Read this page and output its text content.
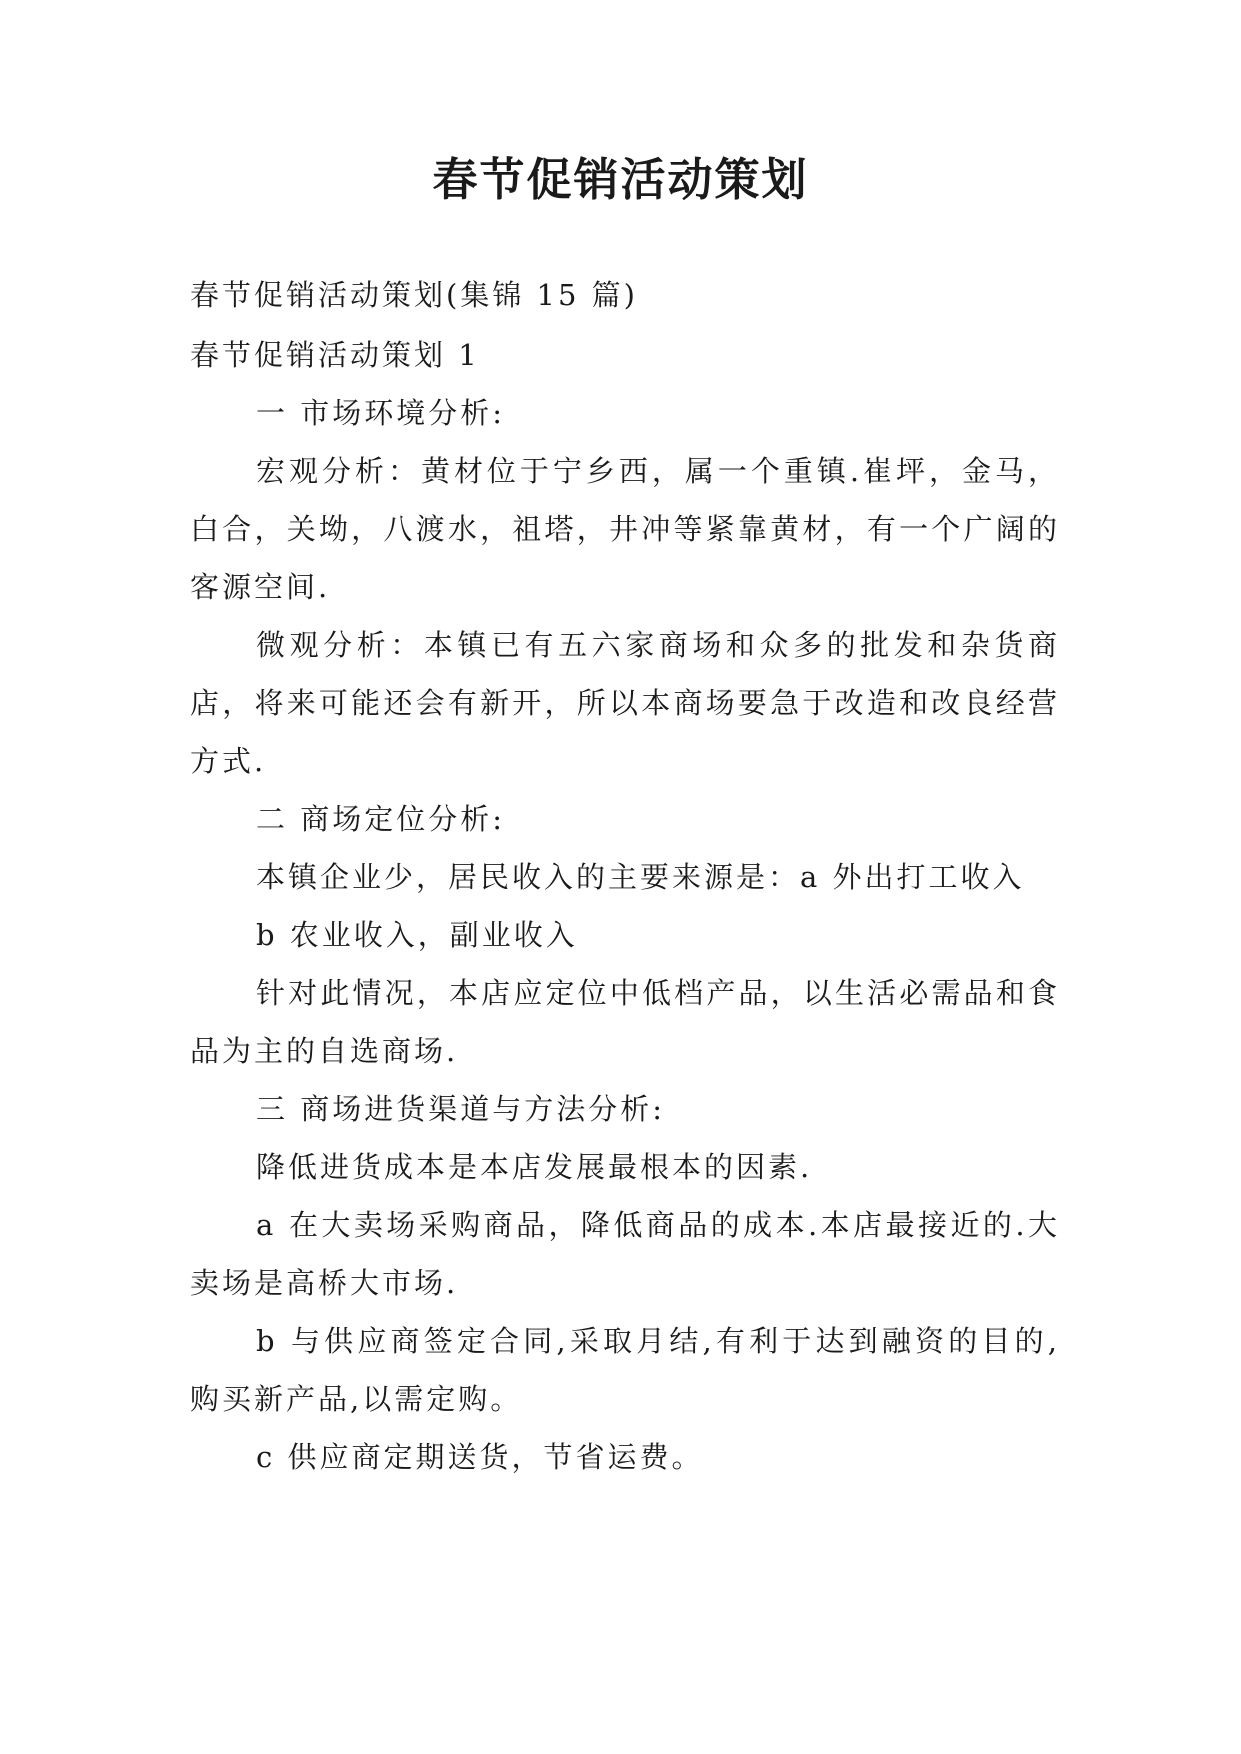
春节促销活动策划

春节促销活动策划(集锦 15 篇)

春节促销活动策划 1

一 市场环境分析:

宏观分析：黄材位于宁乡西，属一个重镇.崔坪，金马，白合，关坳，八渡水，祖塔，井冲等紧靠黄材，有一个广阔的客源空间.

微观分析：本镇已有五六家商场和众多的批发和杂货商店，将来可能还会有新开，所以本商场要急于改造和改良经营方式.

二 商场定位分析:

本镇企业少，居民收入的主要来源是：a 外出打工收入

b 农业收入，副业收入

针对此情况，本店应定位中低档产品，以生活必需品和食品为主的自选商场.

三 商场进货渠道与方法分析:

降低进货成本是本店发展最根本的因素.

a 在大卖场采购商品，降低商品的成本.本店最接近的.大卖场是高桥大市场.

b 与供应商签定合同,采取月结,有利于达到融资的目的,购买新产品,以需定购。

c 供应商定期送货，节省运费。
